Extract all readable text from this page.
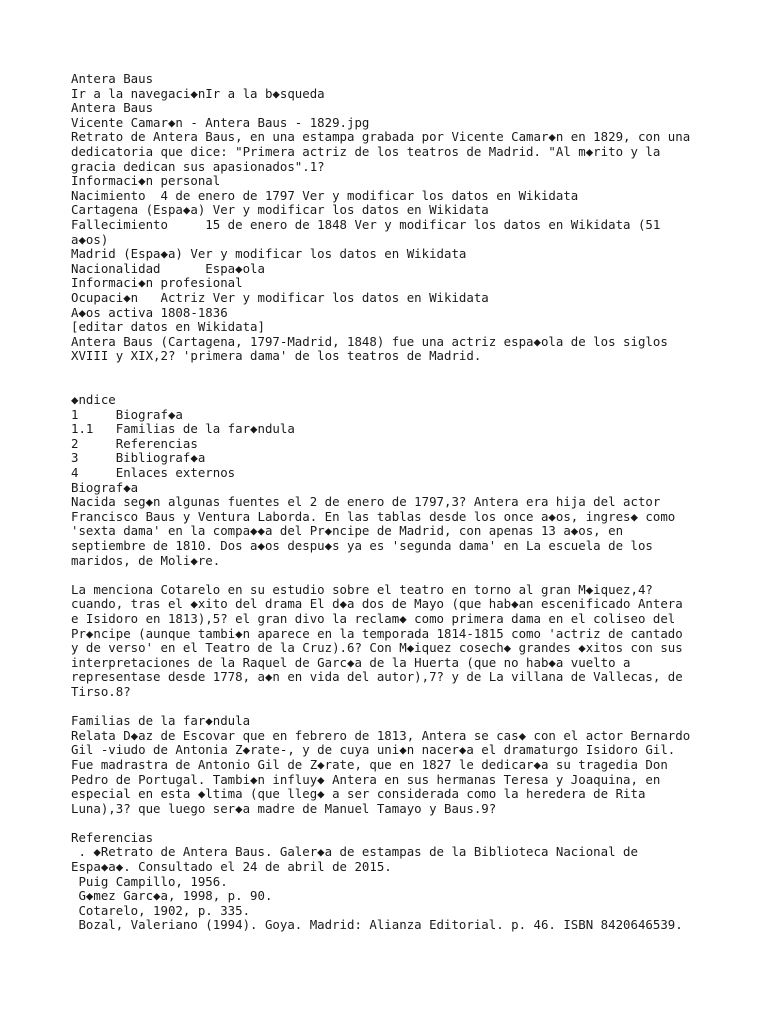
Antera Baus
Ir a la navegaci◆nIr a la b◆squeda
Antera Baus
Vicente Camar◆n - Antera Baus - 1829.jpg
Retrato de Antera Baus, en una estampa grabada por Vicente Camar◆n en 1829, con una
dedicatoria que dice: "Primera actriz de los teatros de Madrid. "Al m◆rito y la
gracia dedican sus apasionados".1?
Informaci◆n personal
Nacimiento  4 de enero de 1797 Ver y modificar los datos en Wikidata
Cartagena (Espa◆a) Ver y modificar los datos en Wikidata
Fallecimiento     15 de enero de 1848 Ver y modificar los datos en Wikidata (51
a◆os)
Madrid (Espa◆a) Ver y modificar los datos en Wikidata
Nacionalidad      Espa◆ola
Informaci◆n profesional
Ocupaci◆n   Actriz Ver y modificar los datos en Wikidata
A◆os activa 1808-1836
[editar datos en Wikidata]
Antera Baus (Cartagena, 1797-Madrid, 1848) fue una actriz espa◆ola de los siglos
XVIII y XIX,2? 'primera dama' de los teatros de Madrid.
◆ndice
1     Biograf◆a
1.1   Familias de la far◆ndula
2     Referencias
3     Bibliograf◆a
4     Enlaces externos
Biograf◆a
Nacida seg◆n algunas fuentes el 2 de enero de 1797,3? Antera era hija del actor
Francisco Baus y Ventura Laborda. En las tablas desde los once a◆os, ingres◆ como
'sexta dama' en la compa◆◆a del Pr◆ncipe de Madrid, con apenas 13 a◆os, en
septiembre de 1810. Dos a◆os despu◆s ya es 'segunda dama' en La escuela de los
maridos, de Moli◆re.
La menciona Cotarelo en su estudio sobre el teatro en torno al gran M◆iquez,4?
cuando, tras el ◆xito del drama El d◆a dos de Mayo (que hab◆an escenificado Antera
e Isidoro en 1813),5? el gran divo la reclam◆ como primera dama en el coliseo del
Pr◆ncipe (aunque tambi◆n aparece en la temporada 1814-1815 como 'actriz de cantado
y de verso' en el Teatro de la Cruz).6? Con M◆iquez cosech◆ grandes ◆xitos con sus
interpretaciones de la Raquel de Garc◆a de la Huerta (que no hab◆a vuelto a
representase desde 1778, a◆n en vida del autor),7? y de La villana de Vallecas, de
Tirso.8?
Familias de la far◆ndula
Relata D◆az de Escovar que en febrero de 1813, Antera se cas◆ con el actor Bernardo
Gil -viudo de Antonia Z◆rate-, y de cuya uni◆n nacer◆a el dramaturgo Isidoro Gil.
Fue madrastra de Antonio Gil de Z◆rate, que en 1827 le dedicar◆a su tragedia Don
Pedro de Portugal. Tambi◆n influy◆ Antera en sus hermanas Teresa y Joaquina, en
especial en esta ◆ltima (que lleg◆ a ser considerada como la heredera de Rita
Luna),3? que luego ser◆a madre de Manuel Tamayo y Baus.9?
Referencias
. ◆Retrato de Antera Baus. Galer◆a de estampas de la Biblioteca Nacional de
Espa◆a◆. Consultado el 24 de abril de 2015.
Puig Campillo, 1956.
G◆mez Garc◆a, 1998, p. 90.
Cotarelo, 1902, p. 335.
Bozal, Valeriano (1994). Goya. Madrid: Alianza Editorial. p. 46. ISBN 8420646539.
